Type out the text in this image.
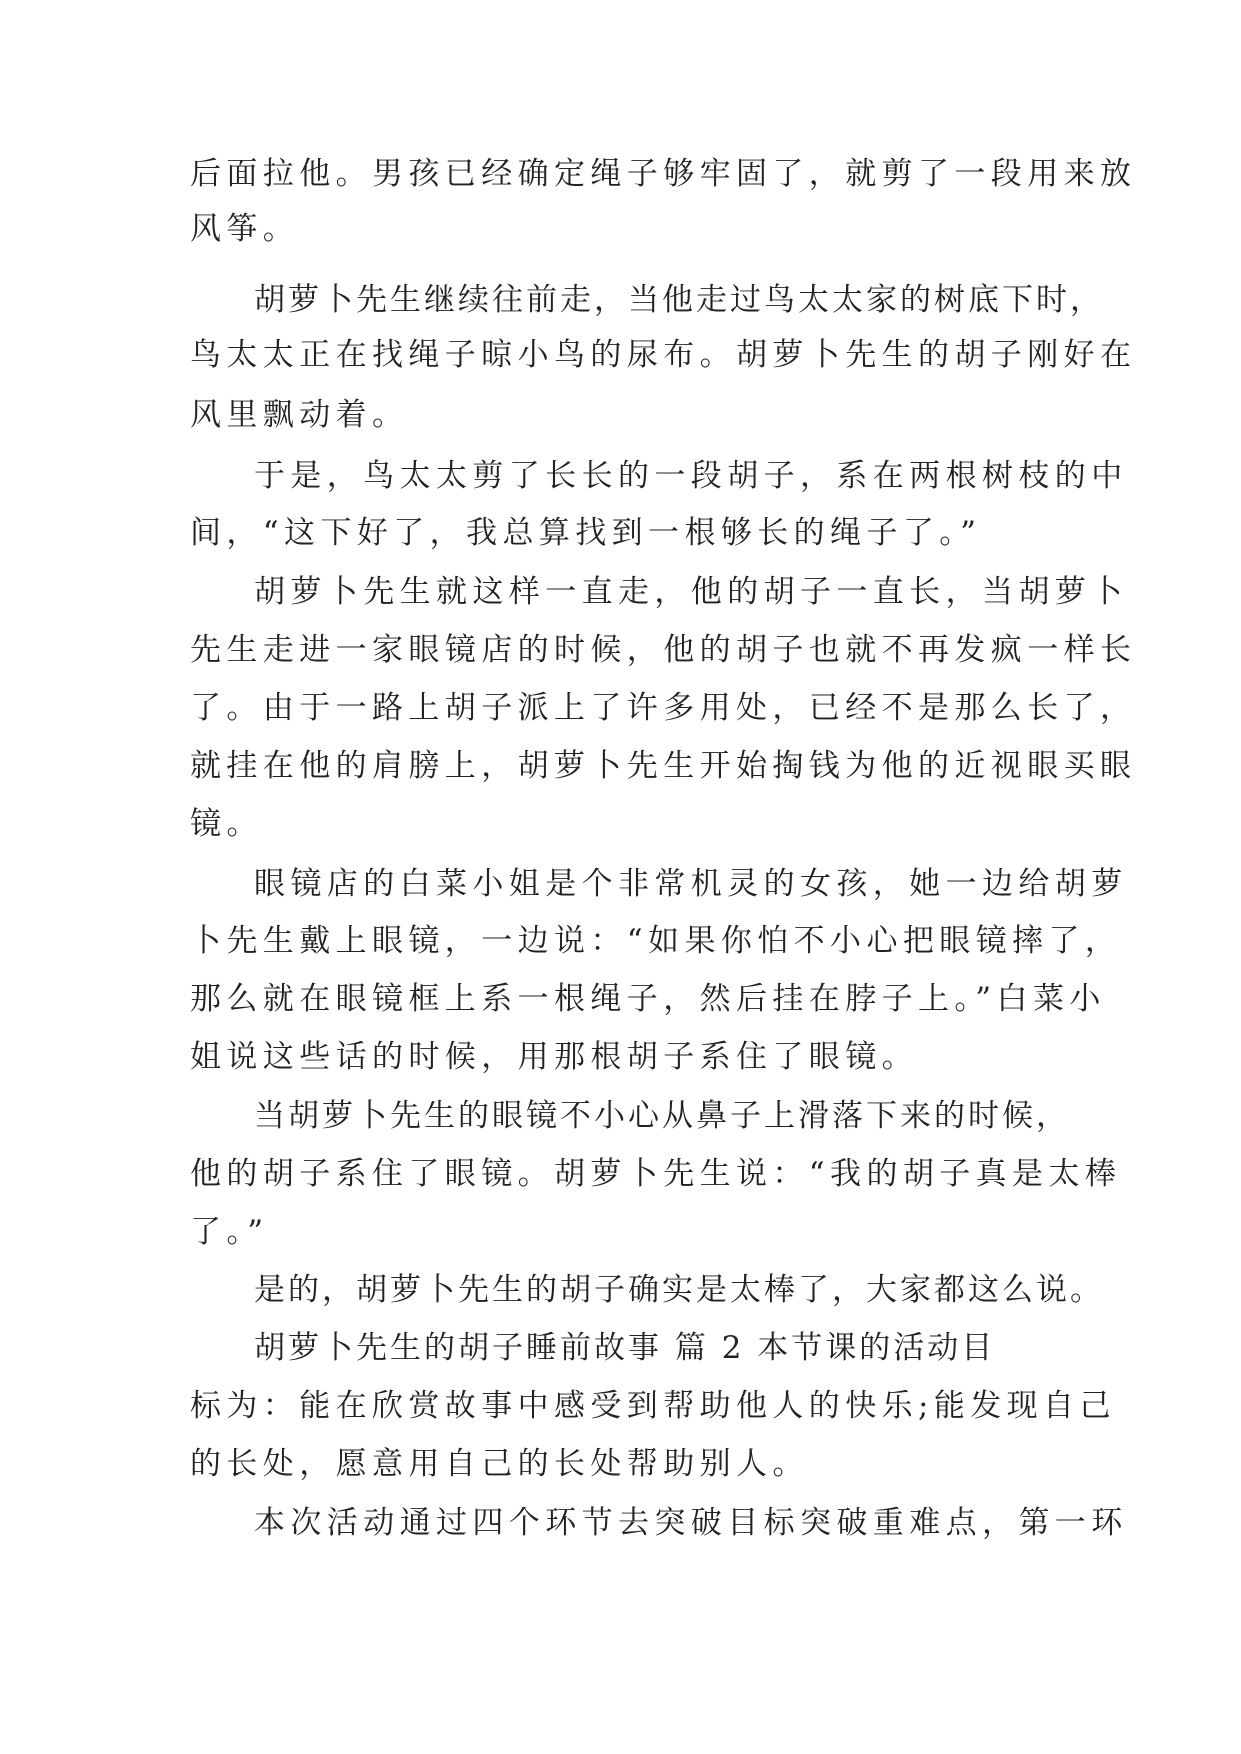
后面拉他。男孩已经确定绳子够牢固了，就剪了一段用来放

风筝。

胡萝卜先生继续往前走，当他走过鸟太太家的树底下时，

鸟太太正在找绳子晾小鸟的尿布。胡萝卜先生的胡子刚好在

风里飘动着。

于是，鸟太太剪了长长的一段胡子，系在两根树枝的中

间，“这下好了，我总算找到一根够长的绳子了。”

胡萝卜先生就这样一直走，他的胡子一直长，当胡萝卜

先生走进一家眼镜店的时候，他的胡子也就不再发疯一样长

了。由于一路上胡子派上了许多用处，已经不是那么长了，

就挂在他的肩膀上，胡萝卜先生开始掏钱为他的近视眼买眼

镜。

眼镜店的白菜小姐是个非常机灵的女孩，她一边给胡萝

卜先生戴上眼镜，一边说：“如果你怕不小心把眼镜摔了，

那么就在眼镜框上系一根绳子，然后挂在脖子上。”白菜小

姐说这些话的时候，用那根胡子系住了眼镜。

当胡萝卜先生的眼镜不小心从鼻子上滑落下来的时候，

他的胡子系住了眼镜。胡萝卜先生说：“我的胡子真是太棒

了。”

是的，胡萝卜先生的胡子确实是太棒了，大家都这么说。

胡萝卜先生的胡子睡前故事 篇 2 本节课的活动目

标为：能在欣赏故事中感受到帮助他人的快乐;能发现自己

的长处，愿意用自己的长处帮助别人。

本次活动通过四个环节去突破目标突破重难点，第一环
